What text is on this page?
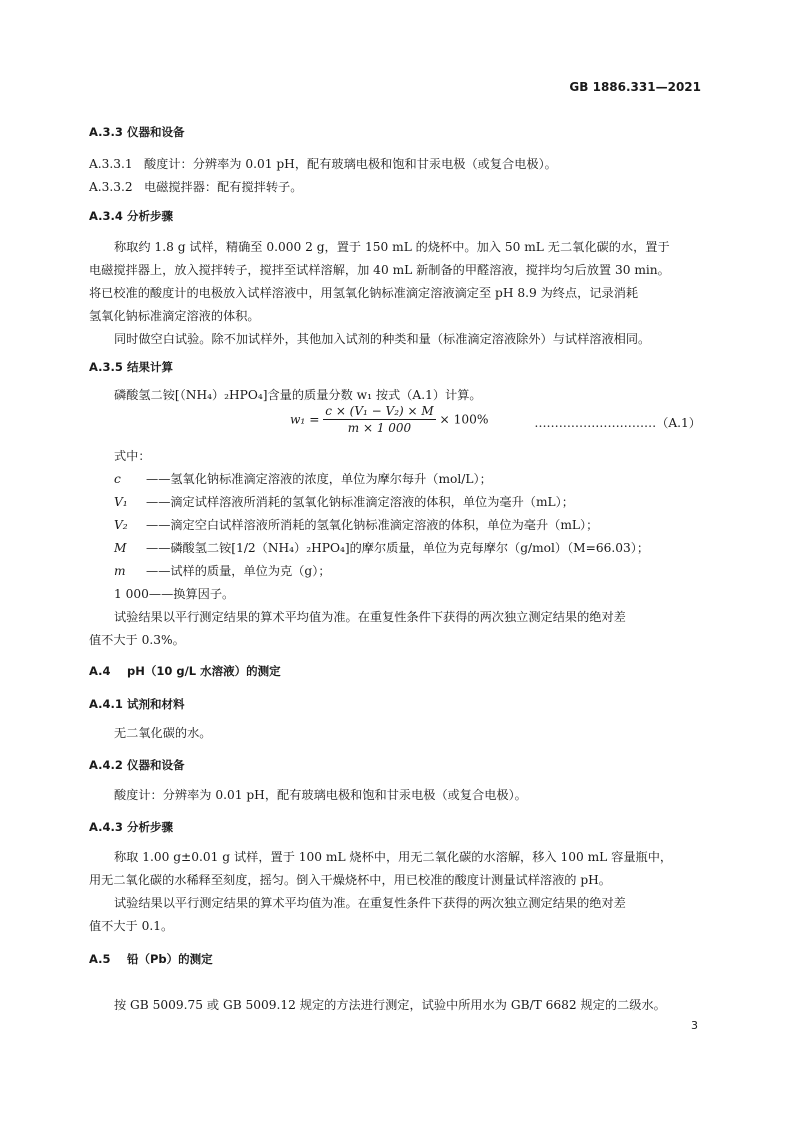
GB 1886.331—2021
A.3.3 仪器和设备
A.3.3.1 酸度计：分辨率为 0.01 pH，配有玻璃电极和饱和甘汞电极（或复合电极）。
A.3.3.2 电磁搅拌器：配有搅拌转子。
A.3.4 分析步骤
称取约 1.8 g 试样，精确至 0.000 2 g，置于 150 mL 的烧杯中。加入 50 mL 无二氧化碳的水，置于
电磁搅拌器上，放入搅拌转子，搅拌至试样溶解，加 40 mL 新制备的甲醛溶液，搅拌均匀后放置 30 min。
将已校准的酸度计的电极放入试样溶液中，用氢氧化钠标准滴定溶液滴定至 pH 8.9 为终点，记录消耗
氢氧化钠标准滴定溶液的体积。
同时做空白试验。除不加试样外，其他加入试剂的种类和量（标准滴定溶液除外）与试样溶液相同。
A.3.5 结果计算
磷酸氢二铵[（NH₄）₂HPO₄]含量的质量分数 w₁ 按式（A.1）计算。
$w_1 = \frac{\text{c × (V₁ − V₂) × M}}{m \times 1 000} \times 100\%$	…………………………（A.1）
式中：
c ——氢氧化钠标准滴定溶液的浓度，单位为摩尔每升（mol/L）；
V₁ ——滴定试样溶液所消耗的氢氧化钠标准滴定溶液的体积，单位为毫升（mL）；
V₂ ——滴定空白试样溶液所消耗的氢氧化钠标准滴定溶液的体积，单位为毫升（mL）；
M ——磷酸氢二铵[1/2（NH₄）₂HPO₄]的摩尔质量，单位为克每摩尔（g/mol）（M=66.03）；
m ——试样的质量，单位为克（g）；
1 000——换算因子。
试验结果以平行测定结果的算术平均值为准。在重复性条件下获得的两次独立测定结果的绝对差
值不大于 0.3%。
A.4 pH（10 g/L 水溶液）的测定
A.4.1 试剂和材料
无二氧化碳的水。
A.4.2 仪器和设备
酸度计：分辨率为 0.01 pH，配有玻璃电极和饱和甘汞电极（或复合电极）。
A.4.3 分析步骤
称取 1.00 g±0.01 g 试样，置于 100 mL 烧杯中，用无二氧化碳的水溶解，移入 100 mL 容量瓶中，
用无二氧化碳的水稀释至刻度，摇匀。倒入干燥烧杯中，用已校准的酸度计测量试样溶液的 pH。
试验结果以平行测定结果的算术平均值为准。在重复性条件下获得的两次独立测定结果的绝对差
值不大于 0.1。
A.5 铅（Pb）的测定
按 GB 5009.75 或 GB 5009.12 规定的方法进行测定，试验中所用水为 GB/T 6682 规定的二级水。
3
